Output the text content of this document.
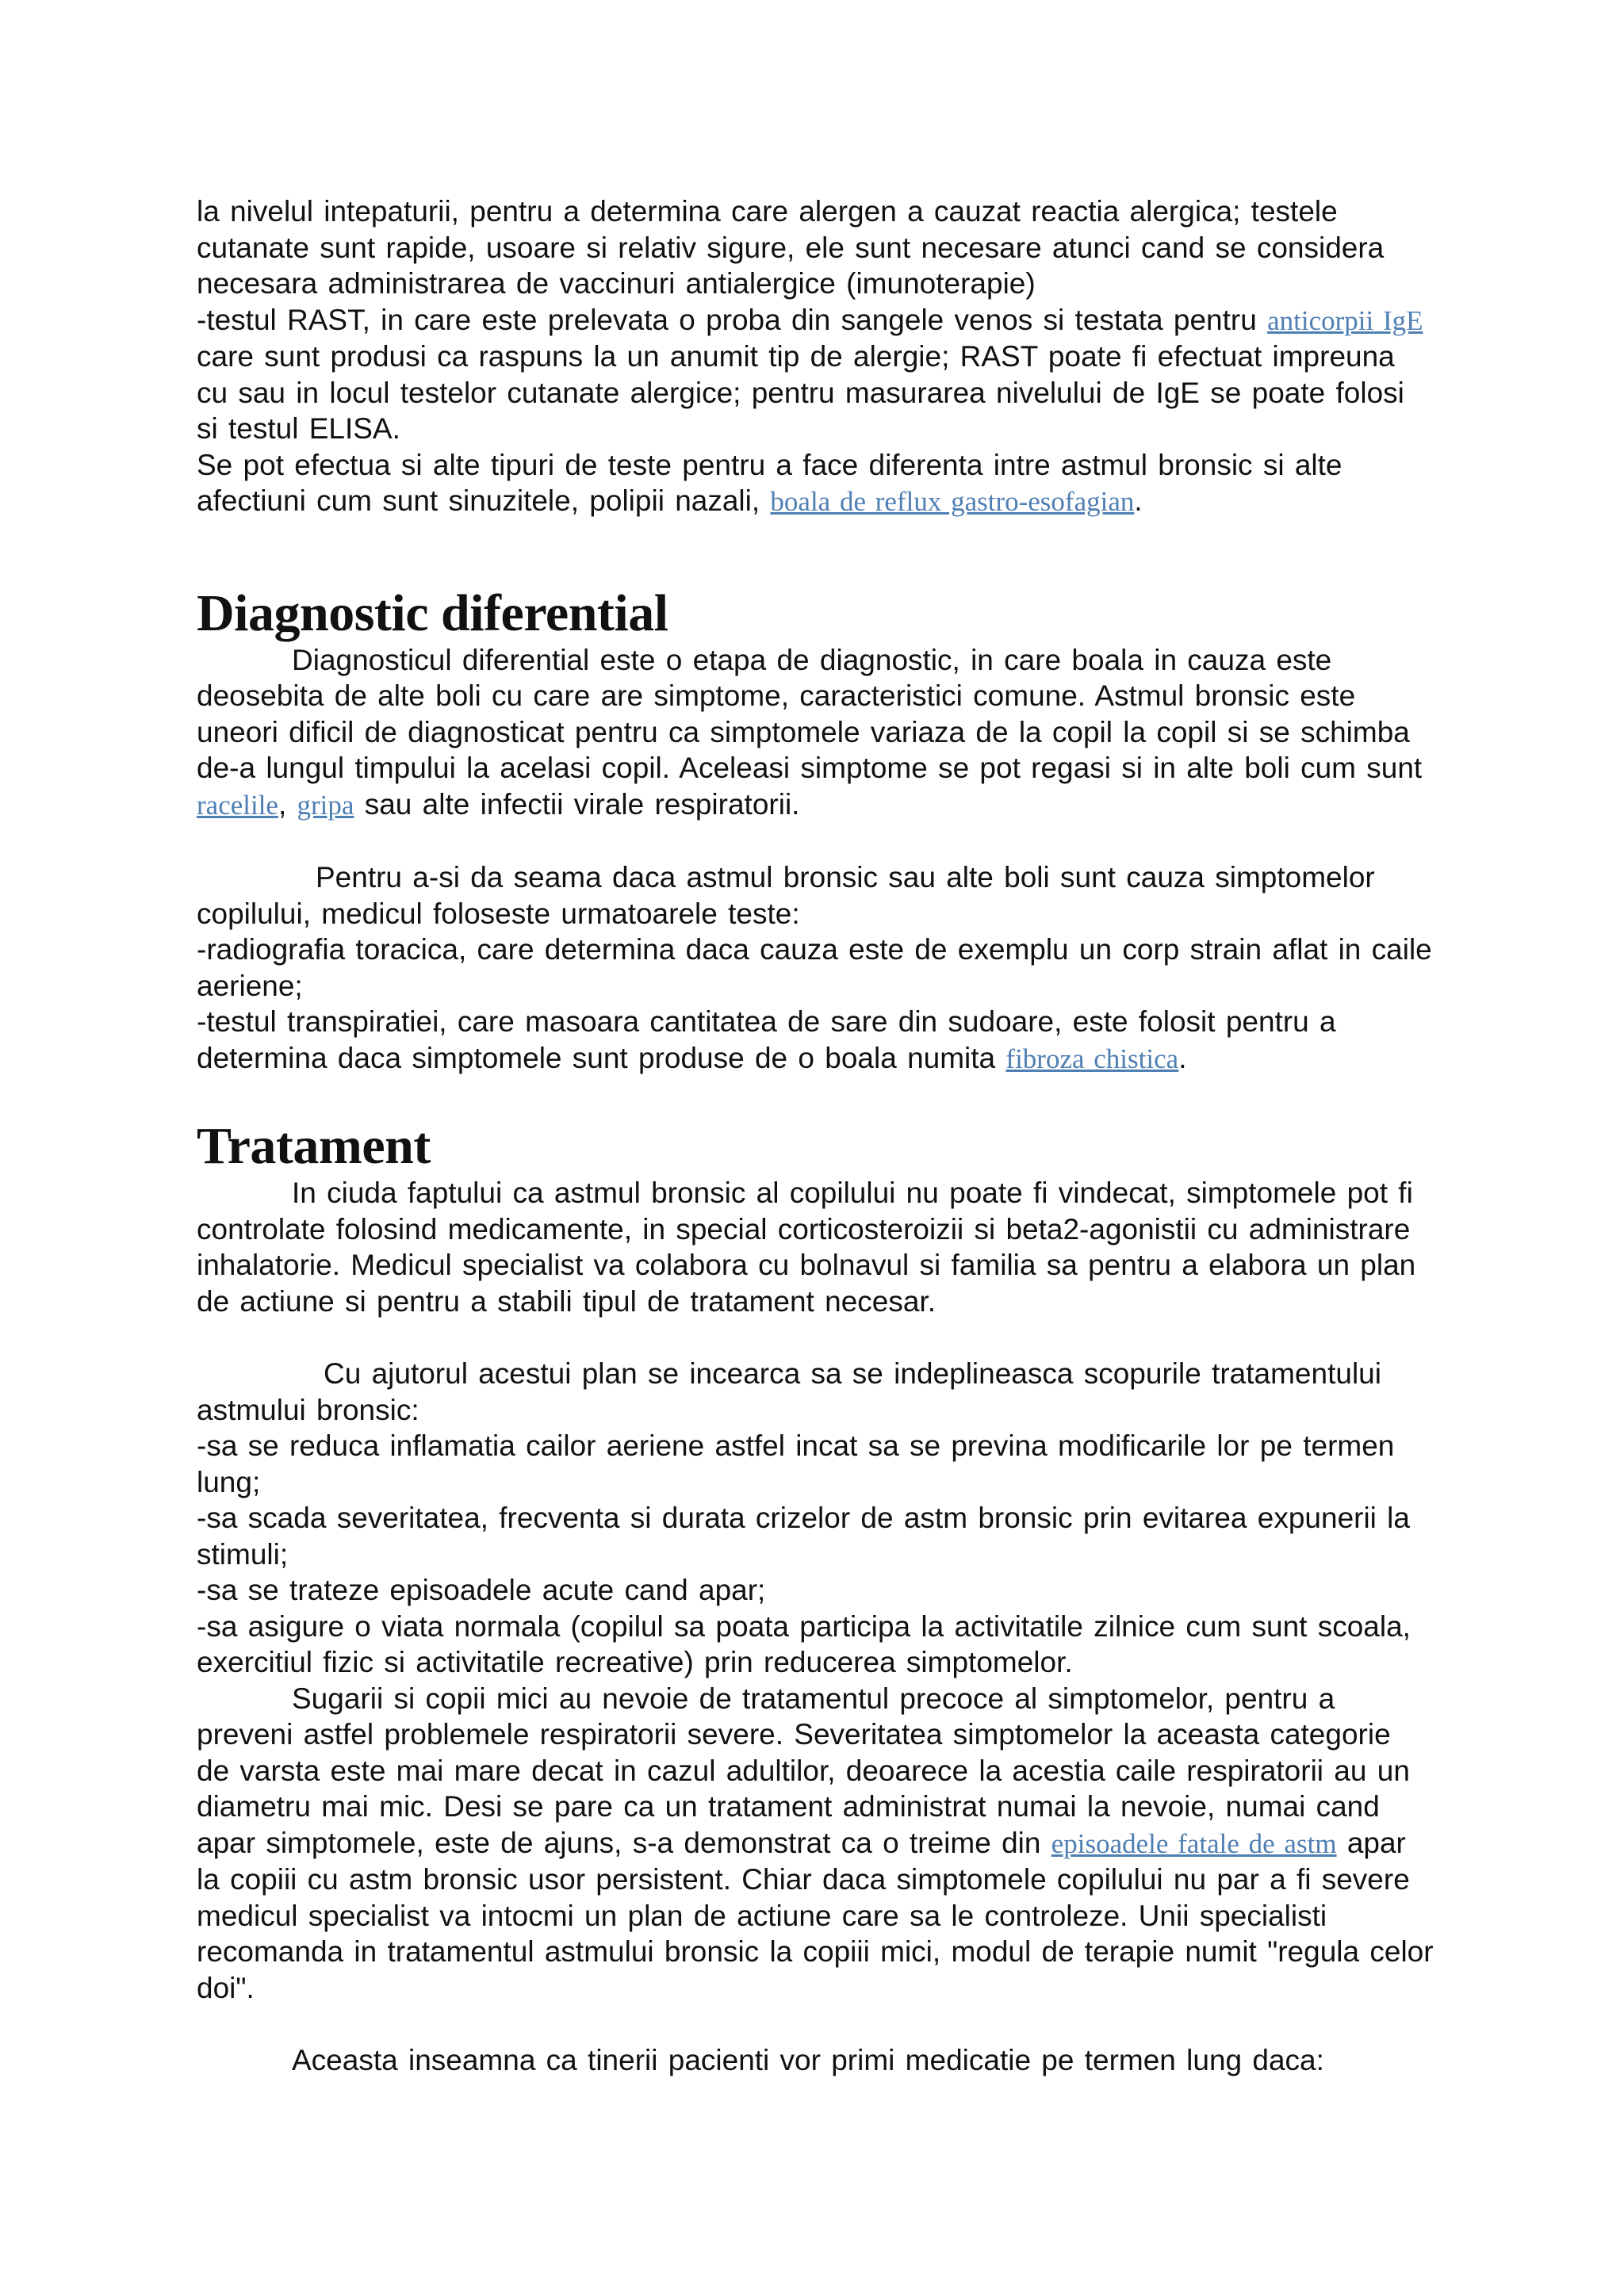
la nivelul intepaturii, pentru a determina care alergen a cauzat reactia alergica; testele cutanate sunt rapide, usoare si relativ sigure, ele sunt necesare atunci cand se considera necesara administrarea de vaccinuri antialergice (imunoterapie)

-testul RAST, in care este prelevata o proba din sangele venos si testata pentru anticorpii IgE care sunt produsi ca raspuns la un anumit tip de alergie; RAST poate fi efectuat impreuna cu sau in locul testelor cutanate alergice; pentru masurarea nivelului de IgE se poate folosi si testul ELISA.

Se pot efectua si alte tipuri de teste pentru a face diferenta intre astmul bronsic si alte afectiuni cum sunt sinuzitele, polipii nazali, boala de reflux gastro-esofagian.

Diagnostic diferential

Diagnosticul diferential este o etapa de diagnostic, in care boala in cauza este deosebita de alte boli cu care are simptome, caracteristici comune. Astmul bronsic este uneori dificil de diagnosticat pentru ca simptomele variaza de la copil la copil si se schimba de-a lungul timpului la acelasi copil. Aceleasi simptome se pot regasi si in alte boli cum sunt racelile, gripa sau alte infectii virale respiratorii.

Pentru a-si da seama daca astmul bronsic sau alte boli sunt cauza simptomelor copilului, medicul foloseste urmatoarele teste:

-radiografia toracica, care determina daca cauza este de exemplu un corp strain aflat in caile aeriene;

-testul transpiratiei, care masoara cantitatea de sare din sudoare, este folosit pentru a determina daca simptomele sunt produse de o boala numita fibroza chistica.

Tratament

In ciuda faptului ca astmul bronsic al copilului nu poate fi vindecat, simptomele pot fi controlate folosind medicamente, in special corticosteroizii si beta2-agonistii cu administrare inhalatorie. Medicul specialist va colabora cu bolnavul si familia sa pentru a elabora un plan de actiune si pentru a stabili tipul de tratament necesar.

Cu ajutorul acestui plan se incearca sa se indeplineasca scopurile tratamentului astmului bronsic:

-sa se reduca inflamatia cailor aeriene astfel incat sa se previna modificarile lor pe termen lung;

-sa scada severitatea, frecventa si durata crizelor de astm bronsic prin evitarea expunerii la stimuli;

-sa se trateze episoadele acute cand apar;

-sa asigure o viata normala (copilul sa poata participa la activitatile zilnice cum sunt scoala, exercitiul fizic si activitatile recreative) prin reducerea simptomelor.

Sugarii si copii mici au nevoie de tratamentul precoce al simptomelor, pentru a preveni astfel problemele respiratorii severe. Severitatea simptomelor la aceasta categorie de varsta este mai mare decat in cazul adultilor, deoarece la acestia caile respiratorii au un diametru mai mic. Desi se pare ca un tratament administrat numai la nevoie, numai cand apar simptomele, este de ajuns, s-a demonstrat ca o treime din episoadele fatale de astm apar la copiii cu astm bronsic usor persistent. Chiar daca simptomele copilului nu par a fi severe medicul specialist va intocmi un plan de actiune care sa le controleze. Unii specialisti recomanda in tratamentul astmului bronsic la copiii mici, modul de terapie numit "regula celor doi".

Aceasta inseamna ca tinerii pacienti vor primi medicatie pe termen lung daca:
